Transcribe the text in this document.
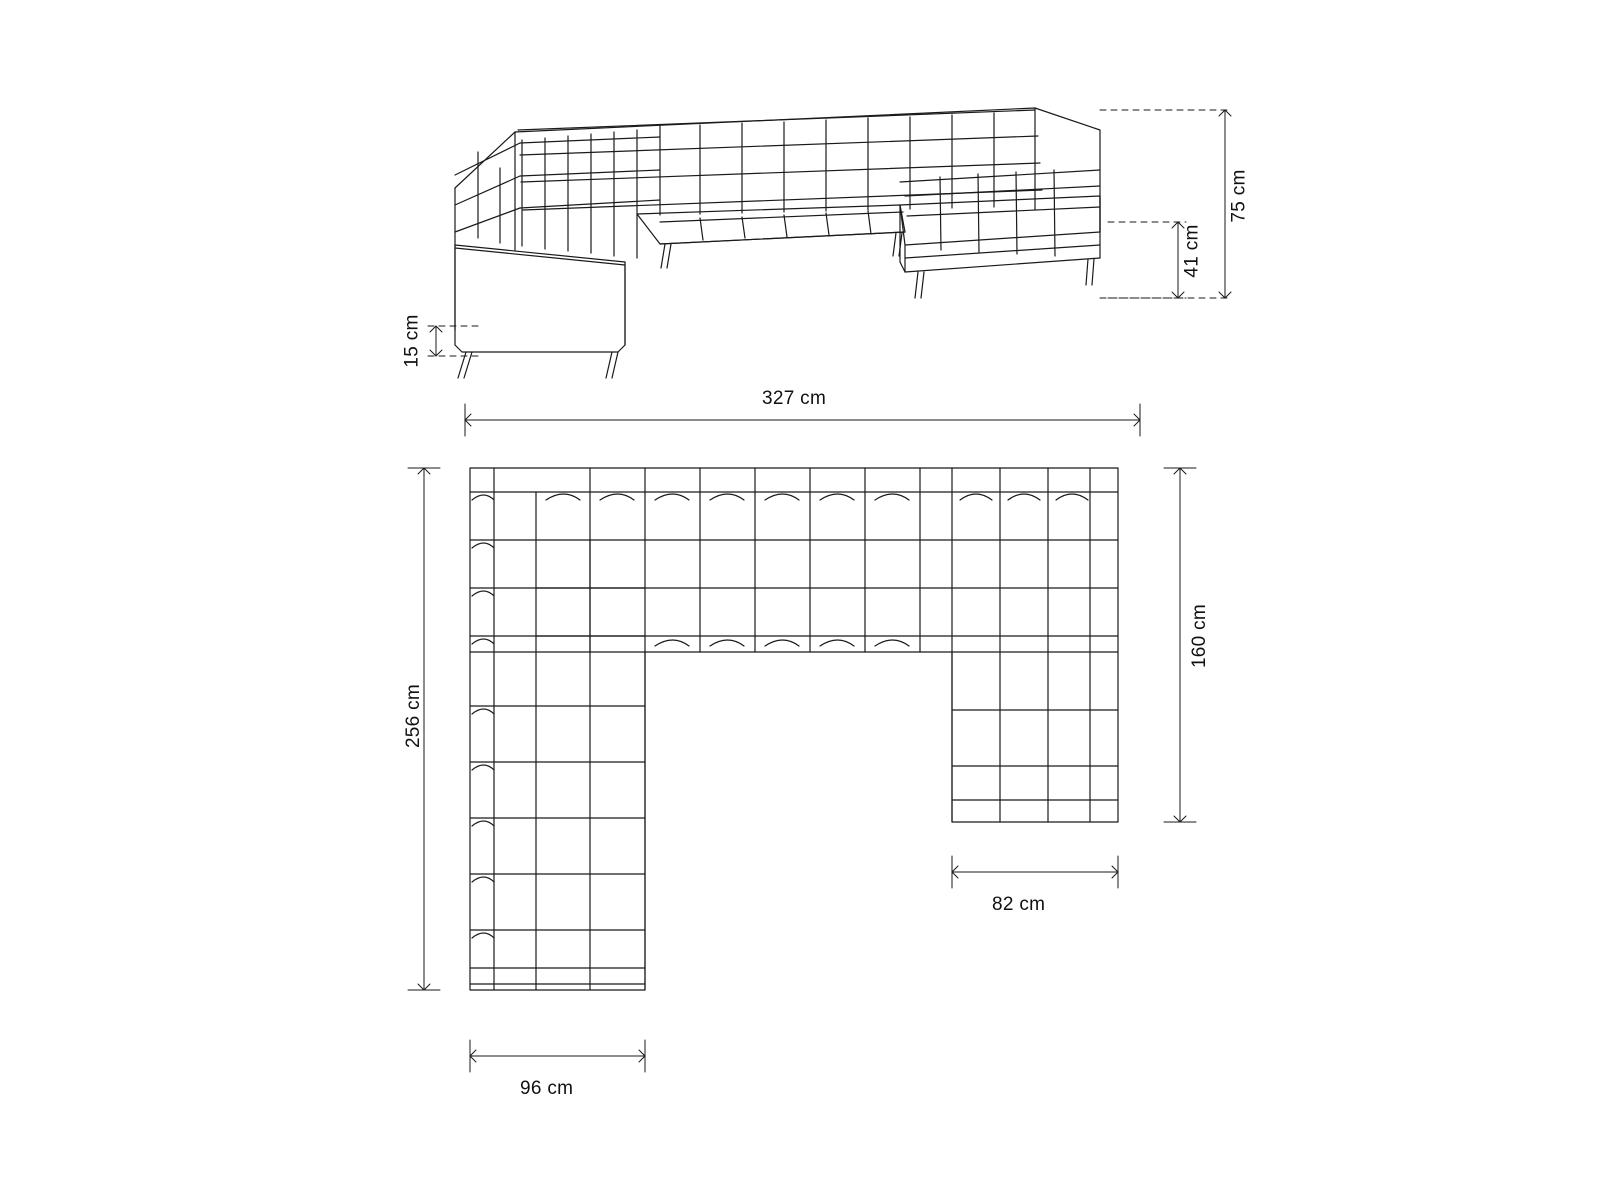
75 cm
41 cm
15 cm
327 cm
256 cm
160 cm
82 cm
96 cm
